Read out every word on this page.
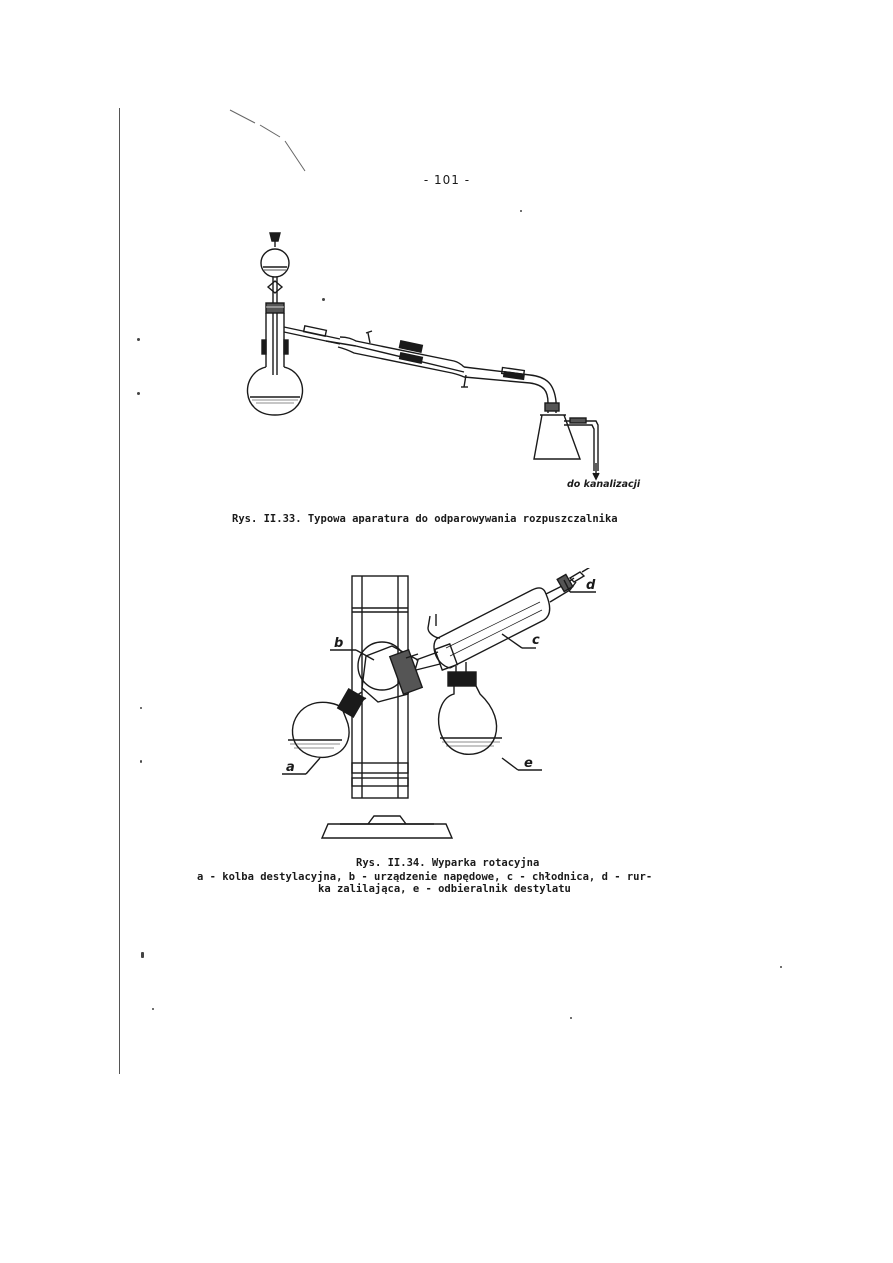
- 101 -
do kanalizacji
Rys. II.33. Typowa aparatura do odparowywania rozpuszczalnika
b
a
c
d
e
Rys. II.34. Wyparka rotacyjna
a - kolba destylacyjna, b - urządzenie napędowe, c - chłodnica, d - rur-
ka zalilająca, e - odbieralnik destylatu
